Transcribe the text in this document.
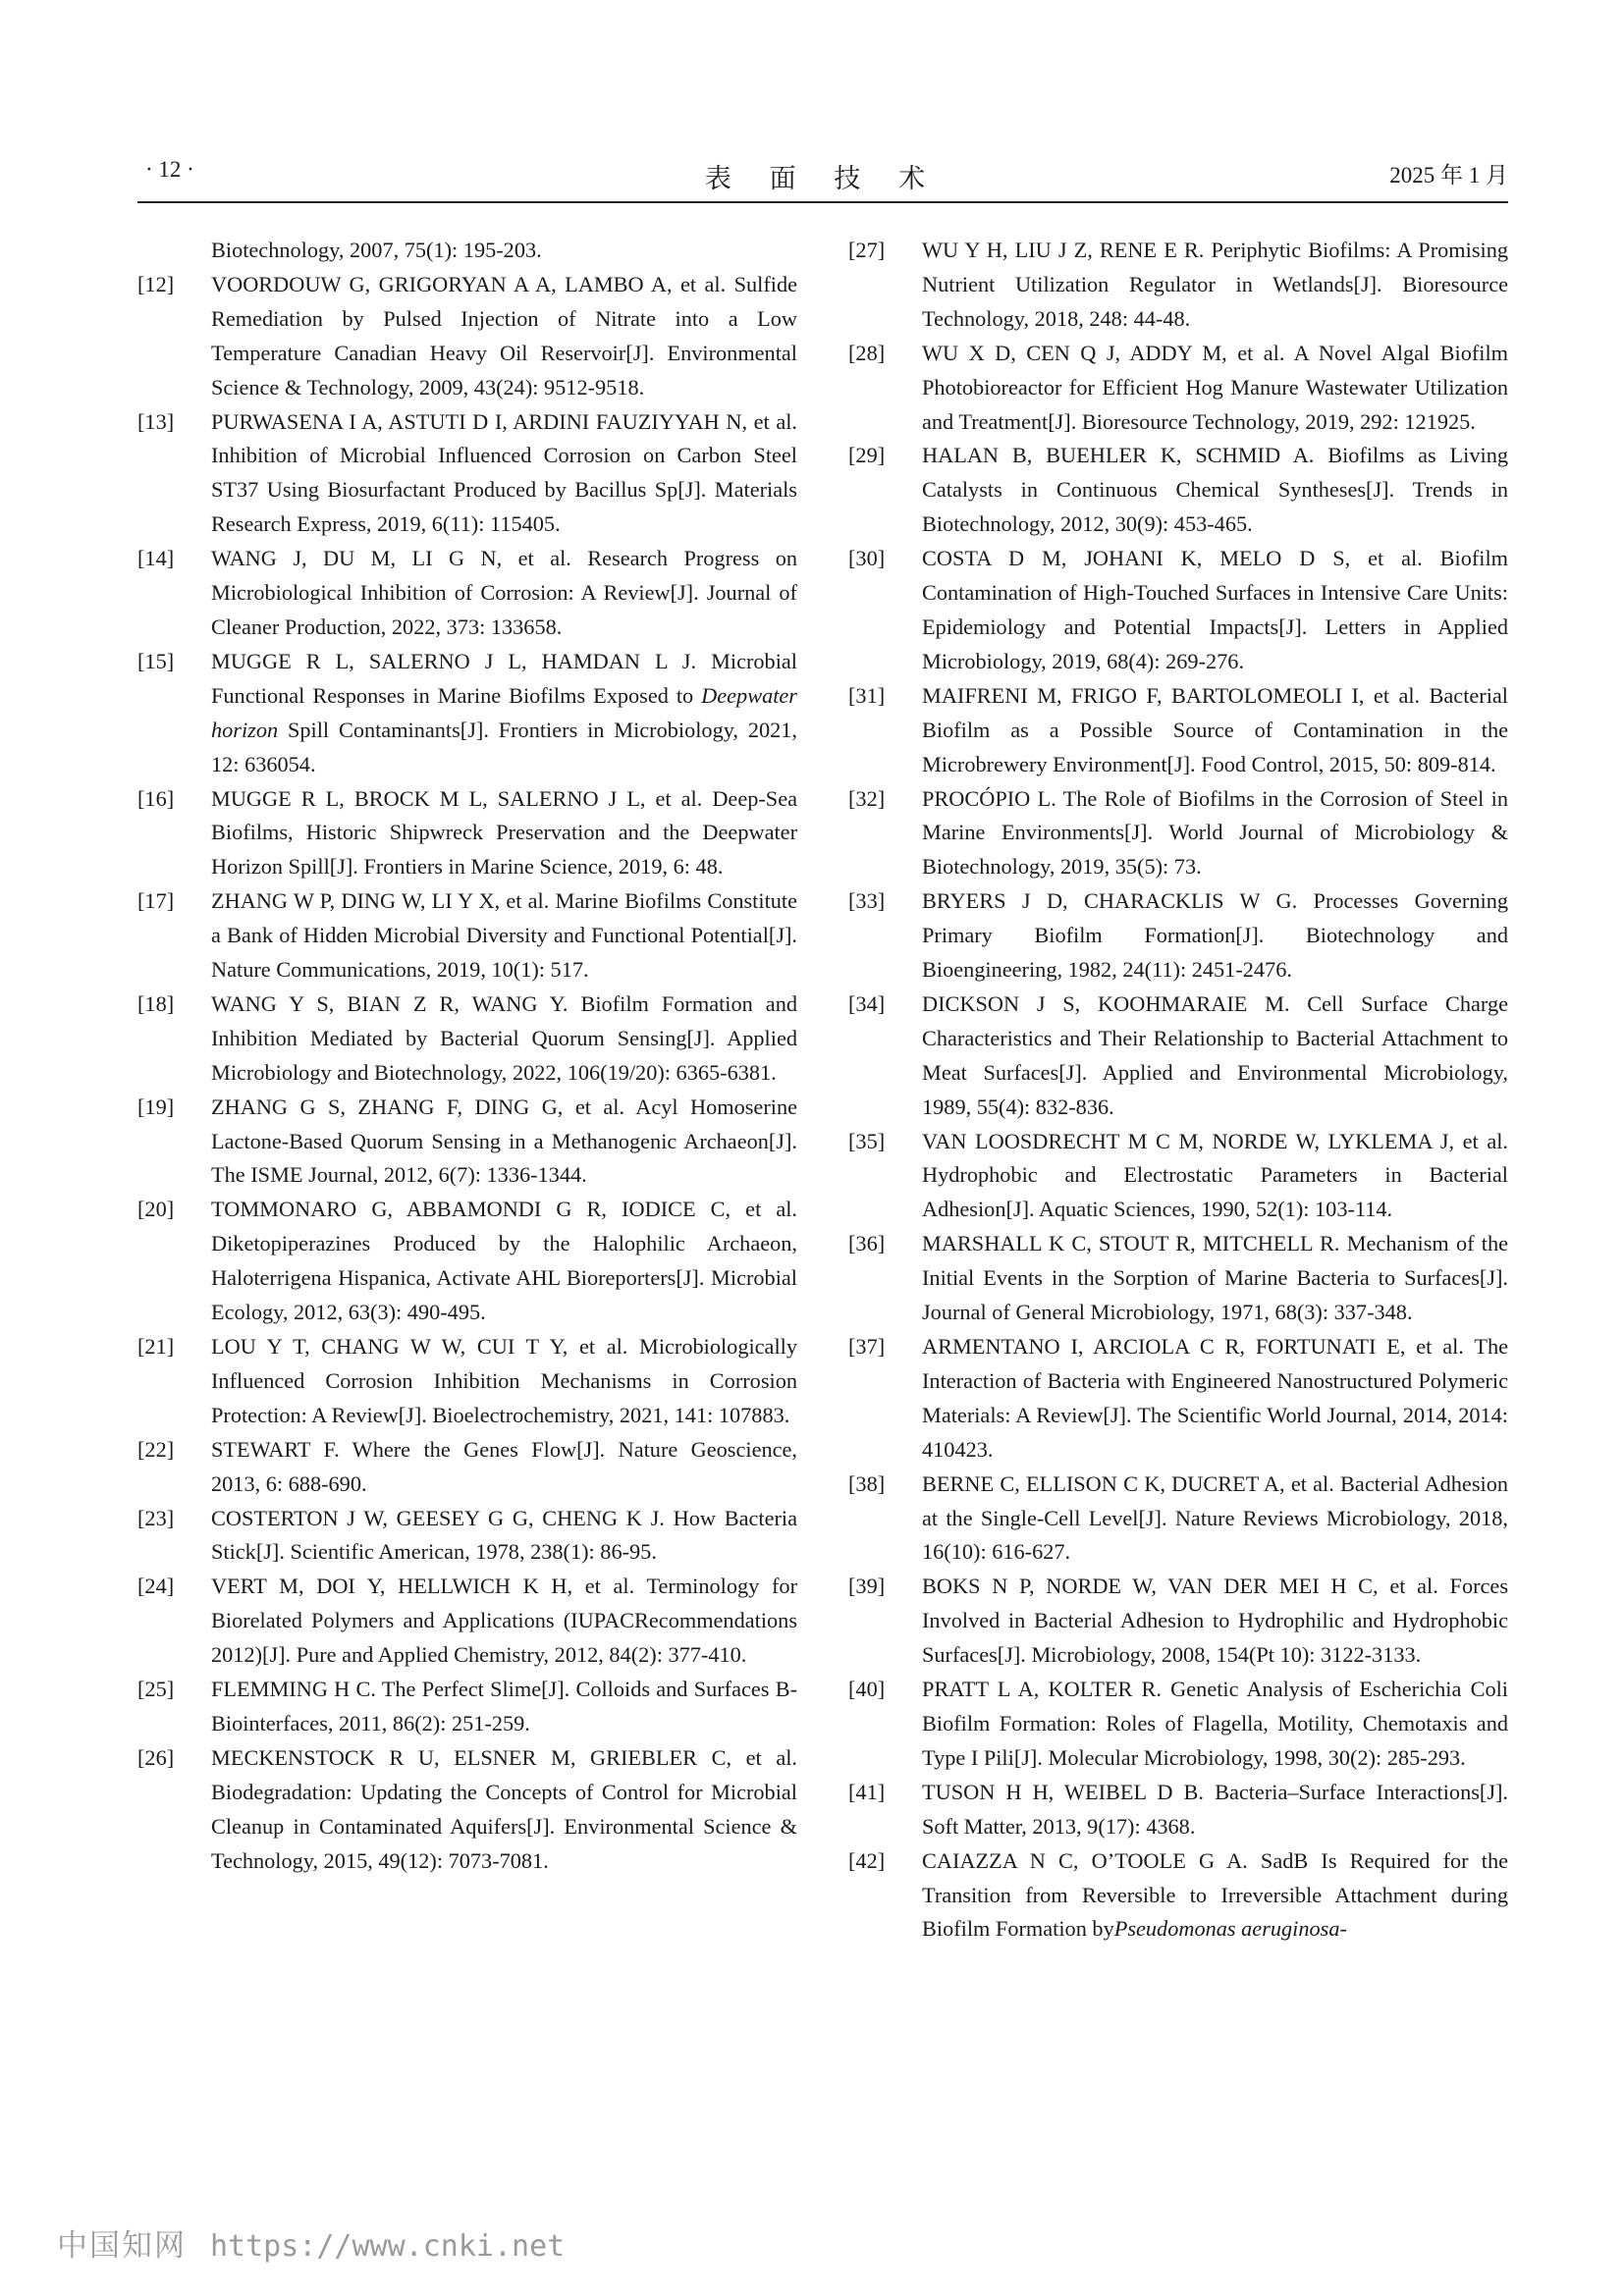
· 12 ·	表 面 技 术	2025 年 1 月
Biotechnology, 2007, 75(1): 195-203.
[12]	VOORDOUW G, GRIGORYAN A A, LAMBO A, et al. Sulfide Remediation by Pulsed Injection of Nitrate into a Low Temperature Canadian Heavy Oil Reservoir[J]. Environmental Science & Technology, 2009, 43(24): 9512-9518.
[13]	PURWASENA I A, ASTUTI D I, ARDINI FAUZIYYAH N, et al. Inhibition of Microbial Influenced Corrosion on Carbon Steel ST37 Using Biosurfactant Produced by Bacillus Sp[J]. Materials Research Express, 2019, 6(11): 115405.
[14]	WANG J, DU M, LI G N, et al. Research Progress on Microbiological Inhibition of Corrosion: A Review[J]. Journal of Cleaner Production, 2022, 373: 133658.
[15]	MUGGE R L, SALERNO J L, HAMDAN L J. Microbial Functional Responses in Marine Biofilms Exposed to Deepwater horizon Spill Contaminants[J]. Frontiers in Microbiology, 2021, 12: 636054.
[16]	MUGGE R L, BROCK M L, SALERNO J L, et al. Deep-Sea Biofilms, Historic Shipwreck Preservation and the Deepwater Horizon Spill[J]. Frontiers in Marine Science, 2019, 6: 48.
[17]	ZHANG W P, DING W, LI Y X, et al. Marine Biofilms Constitute a Bank of Hidden Microbial Diversity and Functional Potential[J]. Nature Communications, 2019, 10(1): 517.
[18]	WANG Y S, BIAN Z R, WANG Y. Biofilm Formation and Inhibition Mediated by Bacterial Quorum Sensing[J]. Applied Microbiology and Biotechnology, 2022, 106(19/20): 6365-6381.
[19]	ZHANG G S, ZHANG F, DING G, et al. Acyl Homoserine Lactone-Based Quorum Sensing in a Methanogenic Archaeon[J]. The ISME Journal, 2012, 6(7): 1336-1344.
[20]	TOMMONARO G, ABBAMONDI G R, IODICE C, et al. Diketopiperazines Produced by the Halophilic Archaeon, Haloterrigena Hispanica, Activate AHL Bioreporters[J]. Microbial Ecology, 2012, 63(3): 490-495.
[21]	LOU Y T, CHANG W W, CUI T Y, et al. Microbiologically Influenced Corrosion Inhibition Mechanisms in Corrosion Protection: A Review[J]. Bioelectrochemistry, 2021, 141: 107883.
[22]	STEWART F. Where the Genes Flow[J]. Nature Geoscience, 2013, 6: 688-690.
[23]	COSTERTON J W, GEESEY G G, CHENG K J. How Bacteria Stick[J]. Scientific American, 1978, 238(1): 86-95.
[24]	VERT M, DOI Y, HELLWICH K H, et al. Terminology for Biorelated Polymers and Applications (IUPACRecommendations 2012)[J]. Pure and Applied Chemistry, 2012, 84(2): 377-410.
[25]	FLEMMING H C. The Perfect Slime[J]. Colloids and Surfaces B-Biointerfaces, 2011, 86(2): 251-259.
[26]	MECKENSTOCK R U, ELSNER M, GRIEBLER C, et al. Biodegradation: Updating the Concepts of Control for Microbial Cleanup in Contaminated Aquifers[J]. Environmental Science & Technology, 2015, 49(12): 7073-7081.
[27]	WU Y H, LIU J Z, RENE E R. Periphytic Biofilms: A Promising Nutrient Utilization Regulator in Wetlands[J]. Bioresource Technology, 2018, 248: 44-48.
[28]	WU X D, CEN Q J, ADDY M, et al. A Novel Algal Biofilm Photobioreactor for Efficient Hog Manure Wastewater Utilization and Treatment[J]. Bioresource Technology, 2019, 292: 121925.
[29]	HALAN B, BUEHLER K, SCHMID A. Biofilms as Living Catalysts in Continuous Chemical Syntheses[J]. Trends in Biotechnology, 2012, 30(9): 453-465.
[30]	COSTA D M, JOHANI K, MELO D S, et al. Biofilm Contamination of High-Touched Surfaces in Intensive Care Units: Epidemiology and Potential Impacts[J]. Letters in Applied Microbiology, 2019, 68(4): 269-276.
[31]	MAIFRENI M, FRIGO F, BARTOLOMEOLI I, et al. Bacterial Biofilm as a Possible Source of Contamination in the Microbrewery Environment[J]. Food Control, 2015, 50: 809-814.
[32]	PROCÓPIO L. The Role of Biofilms in the Corrosion of Steel in Marine Environments[J]. World Journal of Microbiology & Biotechnology, 2019, 35(5): 73.
[33]	BRYERS J D, CHARACKLIS W G. Processes Governing Primary Biofilm Formation[J]. Biotechnology and Bioengineering, 1982, 24(11): 2451-2476.
[34]	DICKSON J S, KOOHMARAIE M. Cell Surface Charge Characteristics and Their Relationship to Bacterial Attachment to Meat Surfaces[J]. Applied and Environmental Microbiology, 1989, 55(4): 832-836.
[35]	VAN LOOSDRECHT M C M, NORDE W, LYKLEMA J, et al. Hydrophobic and Electrostatic Parameters in Bacterial Adhesion[J]. Aquatic Sciences, 1990, 52(1): 103-114.
[36]	MARSHALL K C, STOUT R, MITCHELL R. Mechanism of the Initial Events in the Sorption of Marine Bacteria to Surfaces[J]. Journal of General Microbiology, 1971, 68(3): 337-348.
[37]	ARMENTANO I, ARCIOLA C R, FORTUNATI E, et al. The Interaction of Bacteria with Engineered Nanostructured Polymeric Materials: A Review[J]. The Scientific World Journal, 2014, 2014: 410423.
[38]	BERNE C, ELLISON C K, DUCRET A, et al. Bacterial Adhesion at the Single-Cell Level[J]. Nature Reviews Microbiology, 2018, 16(10): 616-627.
[39]	BOKS N P, NORDE W, VAN DER MEI H C, et al. Forces Involved in Bacterial Adhesion to Hydrophilic and Hydrophobic Surfaces[J]. Microbiology, 2008, 154(Pt 10): 3122-3133.
[40]	PRATT L A, KOLTER R. Genetic Analysis of Escherichia Coli Biofilm Formation: Roles of Flagella, Motility, Chemotaxis and Type I Pili[J]. Molecular Microbiology, 1998, 30(2): 285-293.
[41]	TUSON H H, WEIBEL D B. Bacteria–Surface Interactions[J]. Soft Matter, 2013, 9(17): 4368.
[42]	CAIAZZA N C, O’TOOLE G A. SadB Is Required for the Transition from Reversible to Irreversible Attachment during Biofilm Formation byPseudomonas aeruginosa-
中国知网 https://www.cnki.net
